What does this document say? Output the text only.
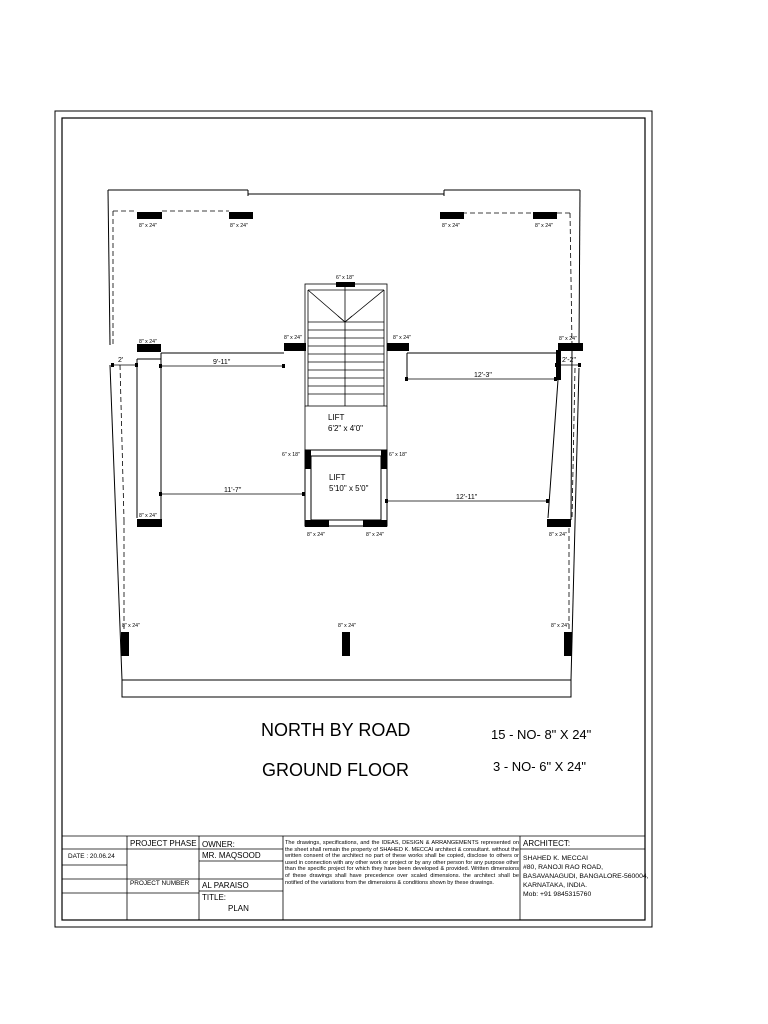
8" x 24"	8" x 24"	8" x 24"	8" x 24"
6" x 18"
8" x 24"
8" x 24"	8" x 24"	8" x 24"
6" x 18"	6" x 18"
8" x 24"
8" x 24"	8" x 24"	8" x 24"
8" x 24"	8" x 24"	8" x 24"
2'	9'-11"
12'-3"
2'-2"
11'-7"
12'-11"
LIFT
6'2" x 4'0"
LIFT
5'10" x 5'0"
NORTH BY ROAD
GROUND FLOOR
15 - NO- 8" X 24"
3 - NO- 6" X 24"
PROJECT PHASE
DATE : 20.06.24
PROJECT NUMBER
OWNER:
MR. MAQSOOD
AL PARAISO
TITLE:
PLAN
The drawings, specifications, and the IDEAS, DESIGN & ARRANGEMENTS represented on the sheet shall remain the property of SHAHED K. MECCAI architect & consultant. without the written consent of the architect no part of these works shall be copied, disclose to others or used in connection with any other work or project or by any other person for any purpose other than the specific project for which they have been developed & provided. Written dimensions of these drawings shall have precedence over scaled dimensions. the architect shall be notified of the variations from the dimensions & conditions shown by these drawings.
ARCHITECT:
SHAHED K. MECCAI
#80, RANOJI RAO ROAD,
BASAVANAGUDI, BANGALORE-560004,
KARNATAKA, INDIA.
Mob: +91 9845315760
